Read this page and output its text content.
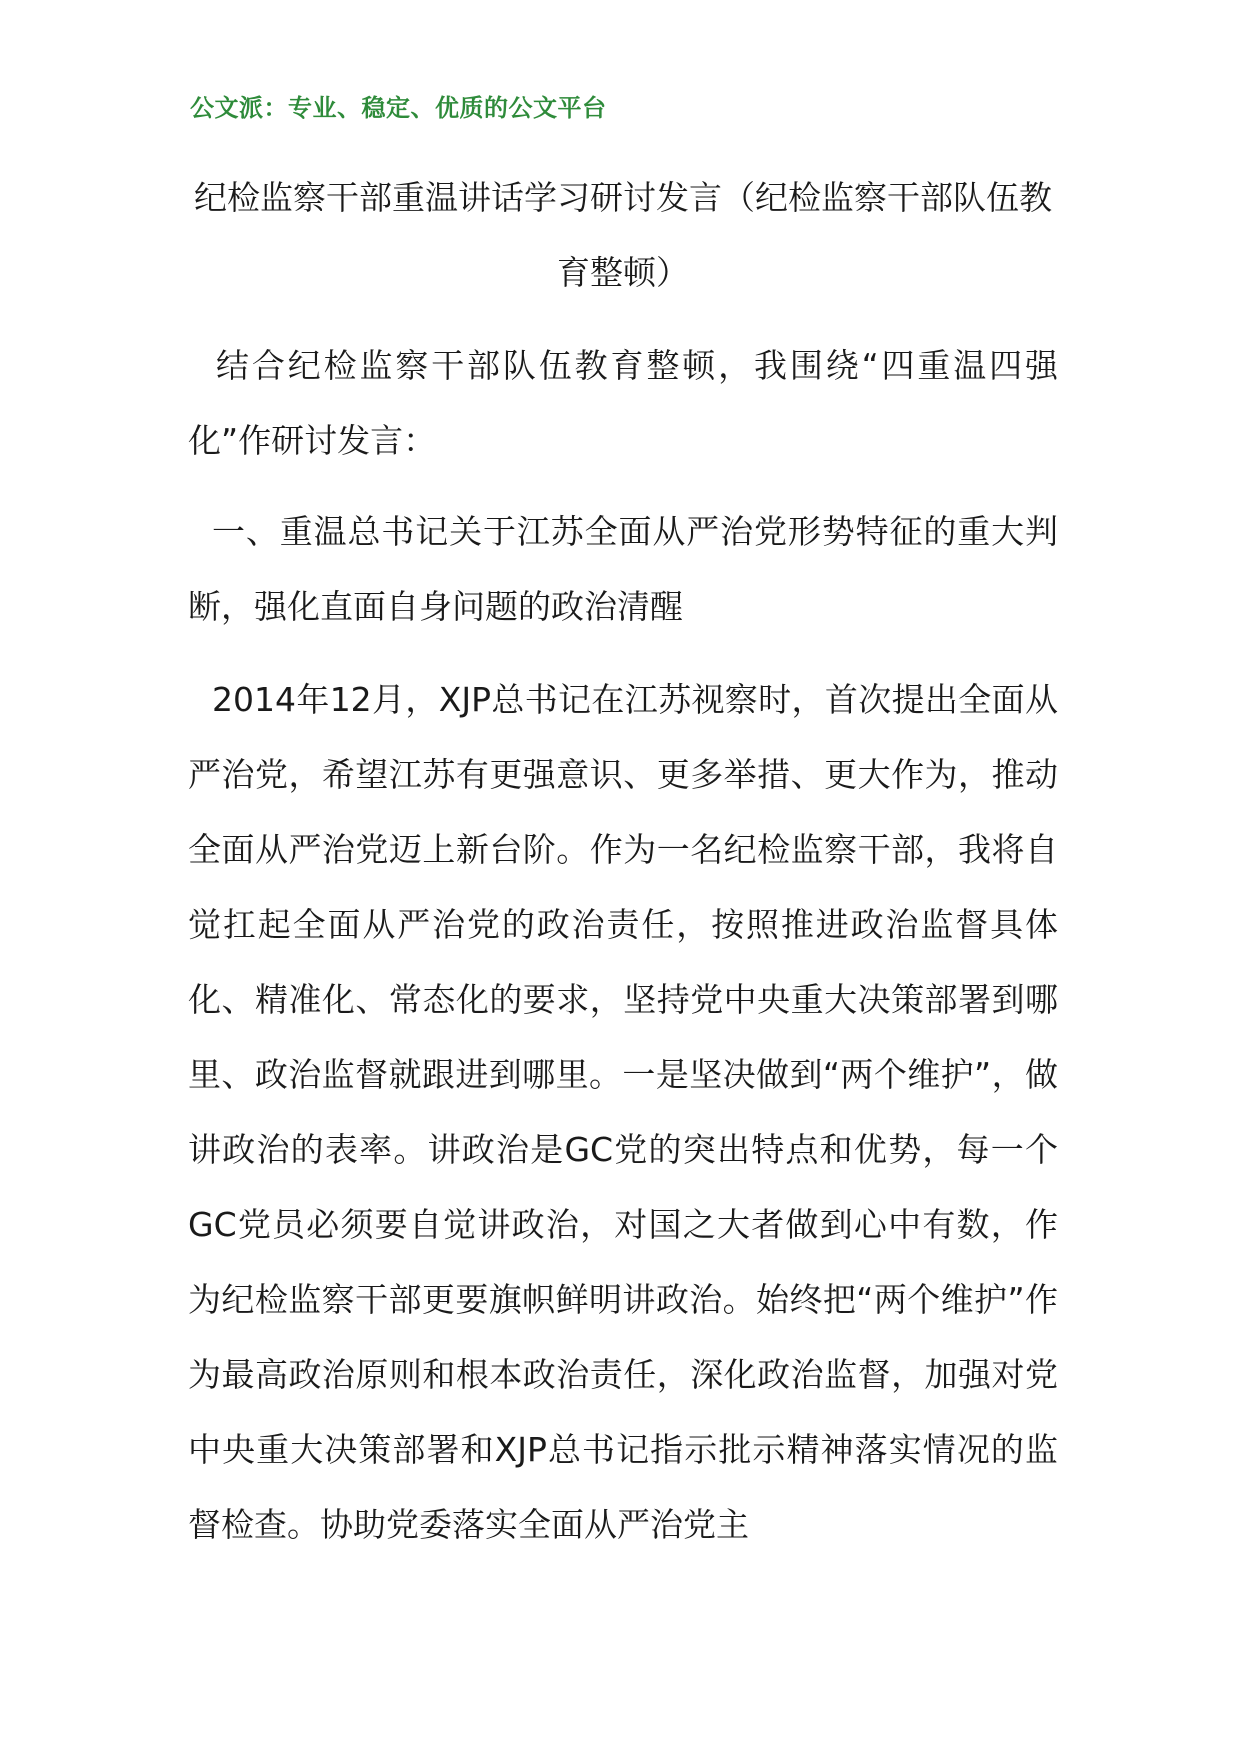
公文派：专业、稳定、优质的公文平台
纪检监察干部重温讲话学习研讨发言（纪检监察干部队伍教育整顿）
结合纪检监察干部队伍教育整顿，我围绕“四重温四强化”作研讨发言：
一、重温总书记关于江苏全面从严治党形势特征的重大判断，强化直面自身问题的政治清醒
2014年12月，XJP总书记在江苏视察时，首次提出全面从严治党，希望江苏有更强意识、更多举措、更大作为，推动全面从严治党迈上新台阶。作为一名纪检监察干部，我将自觉扛起全面从严治党的政治责任，按照推进政治监督具体化、精准化、常态化的要求，坚持党中央重大决策部署到哪里、政治监督就跟进到哪里。一是坚决做到“两个维护”，做讲政治的表率。讲政治是GC党的突出特点和优势，每一个GC党员必须要自觉讲政治，对国之大者做到心中有数，作为纪检监察干部更要旗帜鲜明讲政治。始终把“两个维护”作为最高政治原则和根本政治责任，深化政治监督，加强对党中央重大决策部署和XJP总书记指示批示精神落实情况的监督检查。协助党委落实全面从严治党主
